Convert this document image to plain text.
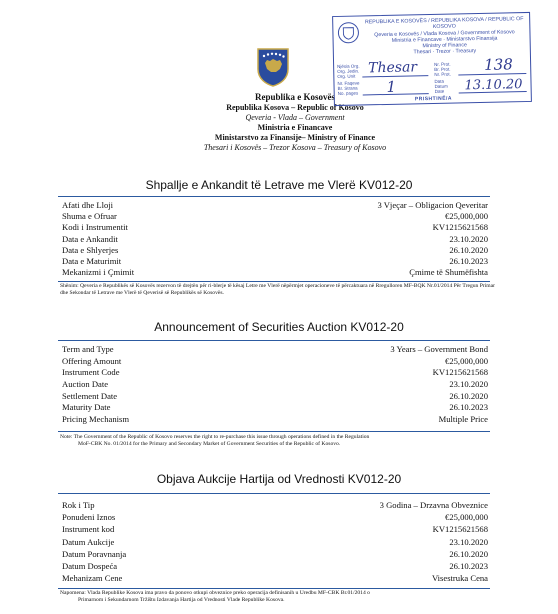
Republika e Kosovës
Republika Kosova – Republic of Kosovo
Qeveria - Vlada – Government
Ministria e Financave
Ministarstvo za Finansije– Ministry of Finance
Thesari i Kosovës – Trezor Kosova – Treasury of Kosovo
REPUBLIKA E KOSOVËS / REPUBLIKA KOSOVA / REPUBLIC OF KOSOVO
Qeveria e Kosovës / Vlada Kosova / Government of Kosovo
Ministria e Financave · Ministarstvo Finansija
Ministry of Finance
Thesari · Trezor · Treasury
Njësia Org.
Org. Jedin.
Org. Unit
Nr. Faqeve
Br. Strana
No. pages
Nr. Prot.
Br. Prot.
Nr. Prot.
Data
Datum
Date
Thesar	138
1	13.10.20
PRISHTINË/A
Shpallje e Ankandit të Letrave me Vlerë KV012-20
Afati dhe Lloji	3 Vjeçar – Obligacion Qeveritar
Shuma e Ofruar	€25,000,000
Kodi i Instrumentit	KV1215621568
Data e Ankandit	23.10.2020
Data e Shlyerjes	26.10.2020
Data e Maturimit	26.10.2023
Mekanizmi i Çmimit	Çmime të Shumëfishta
Shënim: Qeveria e Republikës së Kosovës rezervon të drejtën për ri-blerje të kësaj Letre me Vlerë nëpërmjet operacioneve të përcaktuara në Rregulloren MF-BQK Nr.01/2014 Për Tregun Primar dhe Sekondar të Letrave me Vlerë të Qeverisë së Republikës së Kosovës.
Announcement of Securities Auction KV012-20
Term and Type	3 Years – Government Bond
Offering Amount	€25,000,000
Instrument Code	KV1215621568
Auction Date	23.10.2020
Settlement Date	26.10.2020
Maturity Date	26.10.2023
Pricing Mechanism	Multiple Price
Note: The Government of the Republic of Kosovo reserves the right to re-purchase this issue through operations defined in the Regulation
MoF-CBK No. 01/2014 for the Primary and Secondary Market of Government Securities of the Republic of Kosovo.
Objava Aukcije Hartija od Vrednosti KV012-20
Rok i Tip	3 Godina – Drzavna Obveznice
Ponudeni Iznos	€25,000,000
Instrument kod	KV1215621568
Datum Aukcije	23.10.2020
Datum Poravnanja	26.10.2020
Datum Dospeća	26.10.2023
Mehanizam Cene	Visestruka Cena
Napomena: Vlada Republike Kosova ima pravo da ponovo otkupi obveznice preko operacija definisanih u Uredbu MF-CBK Br.01/2014 o
Primarnom i Sekundarnom Tržištu Izdavanja Hartija od Vrednosti Vlade Republike Kosova.
